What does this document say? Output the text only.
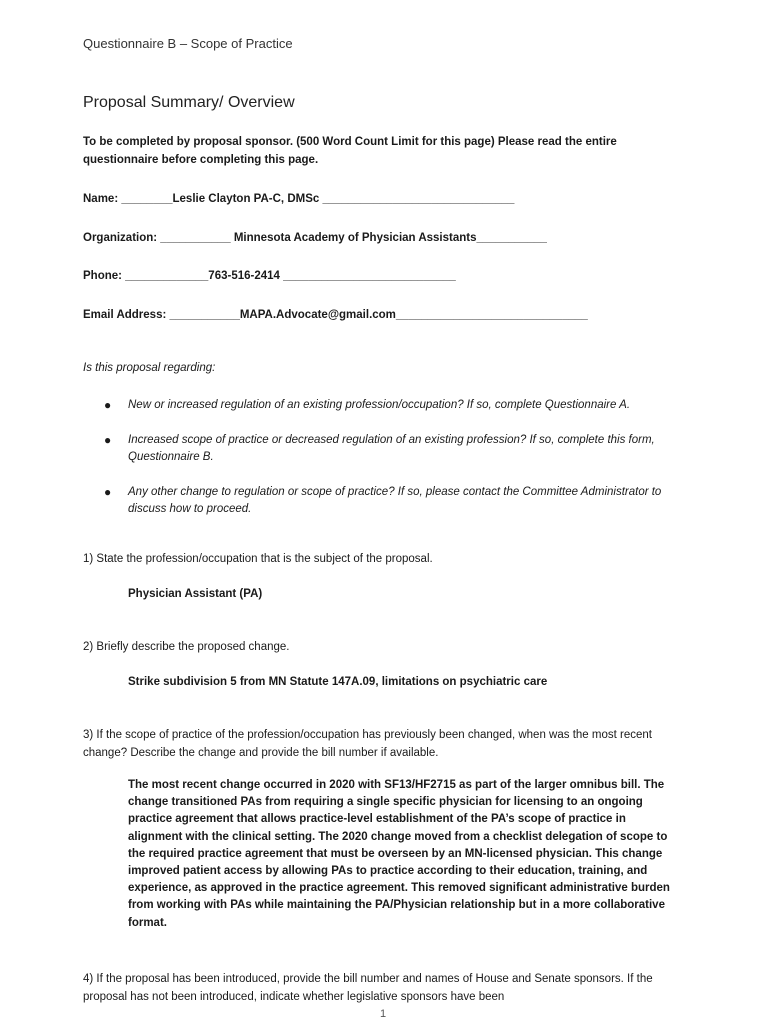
Questionnaire B – Scope of Practice
Proposal Summary/ Overview
To be completed by proposal sponsor. (500 Word Count Limit for this page) Please read the entire questionnaire before completing this page.
Name: ________Leslie Clayton PA-C, DMSc ______________________________
Organization: ___________ Minnesota Academy of Physician Assistants___________
Phone: _____________763-516-2414 ___________________________
Email Address: ___________MAPA.Advocate@gmail.com______________________________
Is this proposal regarding:
● New or increased regulation of an existing profession/occupation? If so, complete Questionnaire A.
● Increased scope of practice or decreased regulation of an existing profession? If so, complete this form, Questionnaire B.
● Any other change to regulation or scope of practice? If so, please contact the Committee Administrator to discuss how to proceed.
1) State the profession/occupation that is the subject of the proposal.
Physician Assistant (PA)
2) Briefly describe the proposed change.
Strike subdivision 5 from MN Statute 147A.09, limitations on psychiatric care
3) If the scope of practice of the profession/occupation has previously been changed, when was the most recent change? Describe the change and provide the bill number if available.
The most recent change occurred in 2020 with SF13/HF2715 as part of the larger omnibus bill. The change transitioned PAs from requiring a single specific physician for licensing to an ongoing practice agreement that allows practice-level establishment of the PA’s scope of practice in alignment with the clinical setting. The 2020 change moved from a checklist delegation of scope to the required practice agreement that must be overseen by an MN-licensed physician. This change improved patient access by allowing PAs to practice according to their education, training, and experience, as approved in the practice agreement. This removed significant administrative burden from working with PAs while maintaining the PA/Physician relationship but in a more collaborative format.
4) If the proposal has been introduced, provide the bill number and names of House and Senate sponsors. If the proposal has not been introduced, indicate whether legislative sponsors have been
1
